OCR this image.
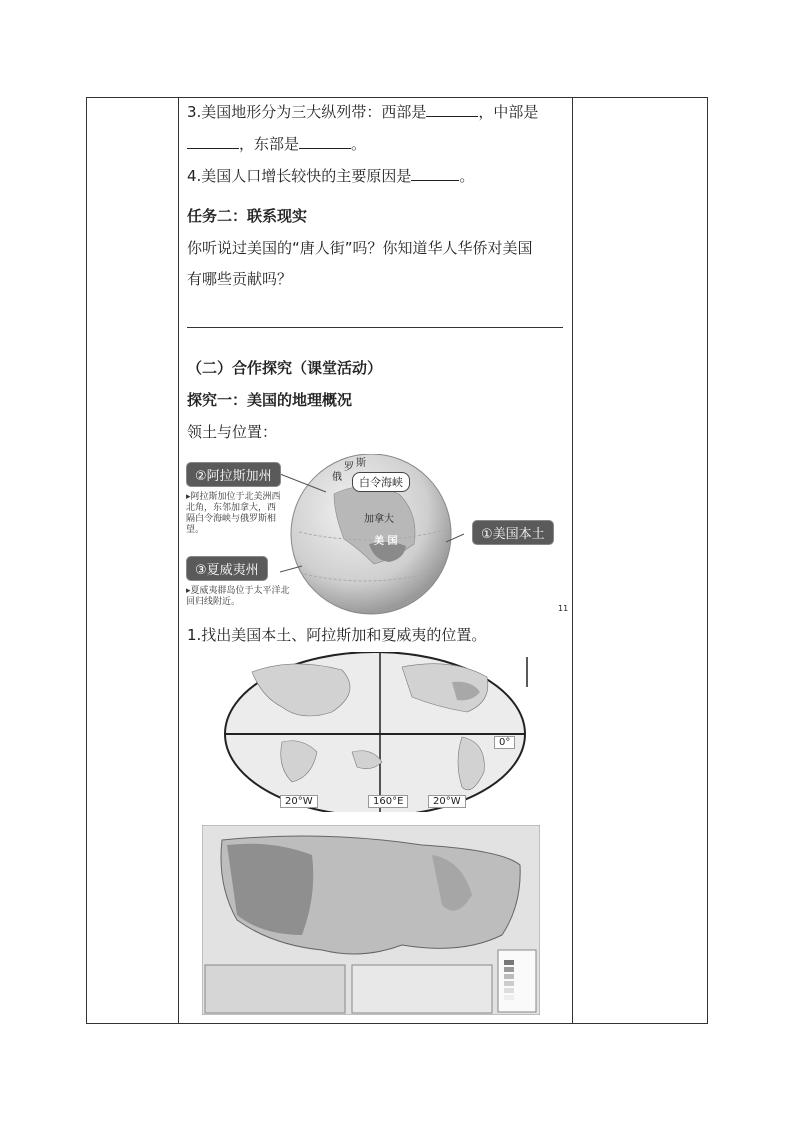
3.美国地形分为三大纵列带：西部是	，中部是
，东部是	。
4.美国人口增长较快的主要原因是	。
任务二：联系现实
你听说过美国的“唐人街”吗？你知道华人华侨对美国
有哪些贡献吗？
（二）合作探究（课堂活动）
探究一：美国的地理概况
领土与位置：
②阿拉斯加州
▸阿拉斯加位于北美洲西北角，东邻加拿大，西隔白令海峡与俄罗斯相望。
③夏威夷州
▸夏威夷群岛位于太平洋北回归线附近。
①美国本土
白令海峡
加拿大
美 国
俄
罗 斯
11
1.找出美国本土、阿拉斯加和夏威夷的位置。
20°W	160°E	20°W
0°
